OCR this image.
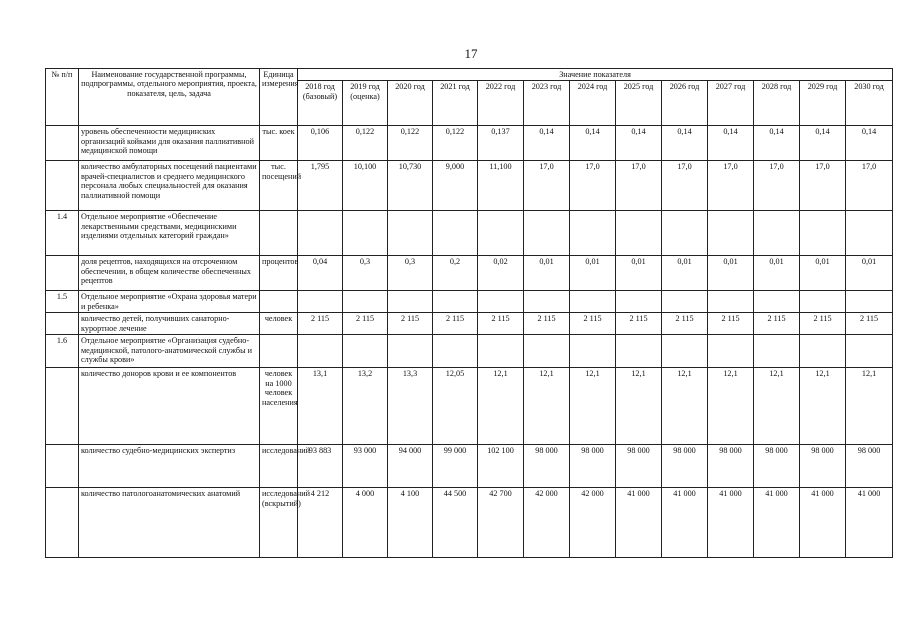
17
№ п/п	Наименование государственной программы, подпрограммы, отдельного мероприятия, проекта, показателя, цель, задача	Единица измерения	Значение показателя												
			2018 год (базовый)	2019 год (оценка)	2020 год	2021 год	2022 год	2023 год	2024 год	2025 год	2026 год	2027 год	2028 год	2029 год	2030 год
	уровень обеспеченности медицинских организаций койками для оказания паллиативной медицинской помощи	тыс. коек	0,106	0,122	0,122	0,122	0,137	0,14	0,14	0,14	0,14	0,14	0,14	0,14	0,14
	количество амбулаторных посещений пациентами врачей-специалистов и среднего медицинского персонала любых специальностей для оказания паллиативной помощи	тыс. посещений	1,795	10,100	10,730	9,000	11,100	17,0	17,0	17,0	17,0	17,0	17,0	17,0	17,0
1.4	Отдельное мероприятие «Обеспечение лекарственными средствами, медицинскими изделиями отдельных категорий граждан»														
	доля рецептов, находящихся на отсроченном обеспечении, в общем количестве обеспеченных рецептов	процентов	0,04	0,3	0,3	0,2	0,02	0,01	0,01	0,01	0,01	0,01	0,01	0,01	0,01
1.5	Отдельное мероприятие «Охрана здоровья матери и ребенка»														
	количество детей, получивших санаторно-курортное лечение	человек	2 115	2 115	2 115	2 115	2 115	2 115	2 115	2 115	2 115	2 115	2 115	2 115	2 115
1.6	Отдельное мероприятие «Организация судебно-медицинской, патолого-анатомической службы и службы крови»														
	количество доноров крови и ее компонентов	человек на 1000 человек населения	13,1	13,2	13,3	12,05	12,1	12,1	12,1	12,1	12,1	12,1	12,1	12,1	12,1
	количество судебно-медицинских экспертиз	исследований	93 883	93 000	94 000	99 000	102 100	98 000	98 000	98 000	98 000	98 000	98 000	98 000	98 000
	количество патологоанатомических анатомий	исследований (вскрытий)	4 212	4 000	4 100	44 500	42 700	42 000	42 000	41 000	41 000	41 000	41 000	41 000	41 000
